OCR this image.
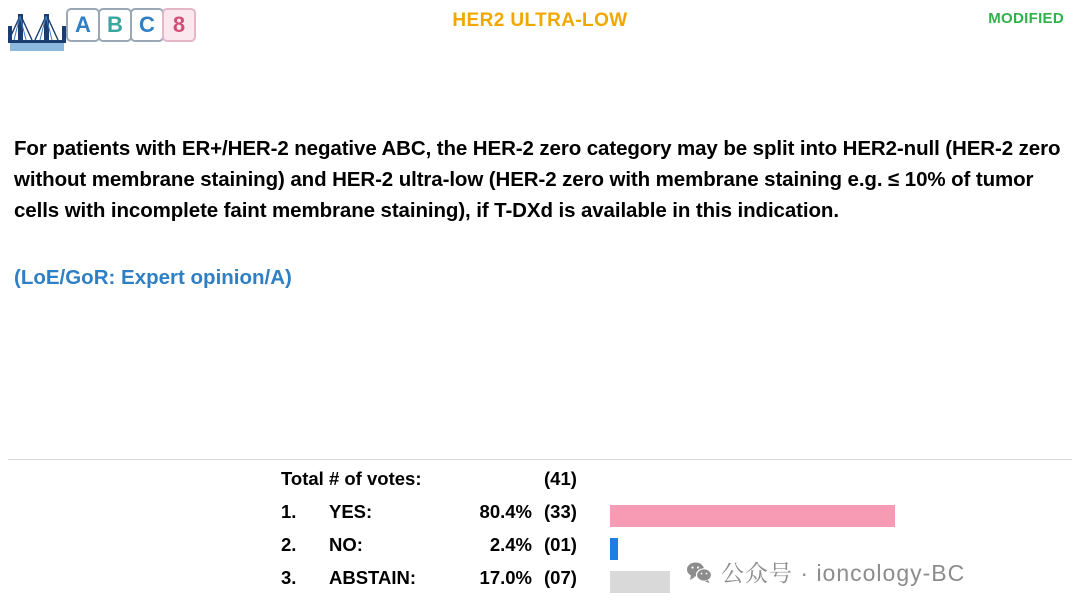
A B C 8	HER2 ULTRA-LOW	MODIFIED
For patients with ER+/HER-2 negative ABC, the HER-2 zero category may be split into HER2-null (HER-2 zero without membrane staining) and HER-2 ultra-low (HER-2 zero with membrane staining e.g. ≤ 10% of tumor cells with incomplete faint membrane staining), if T-DXd is available in this indication.
(LoE/GoR: Expert opinion/A)
Total # of votes:	(41)
1.	YES:	80.4% (33)
2.	NO:	2.4% (01)
3.	ABSTAIN:	17.0% (07)	公众号 · ioncology-BC
